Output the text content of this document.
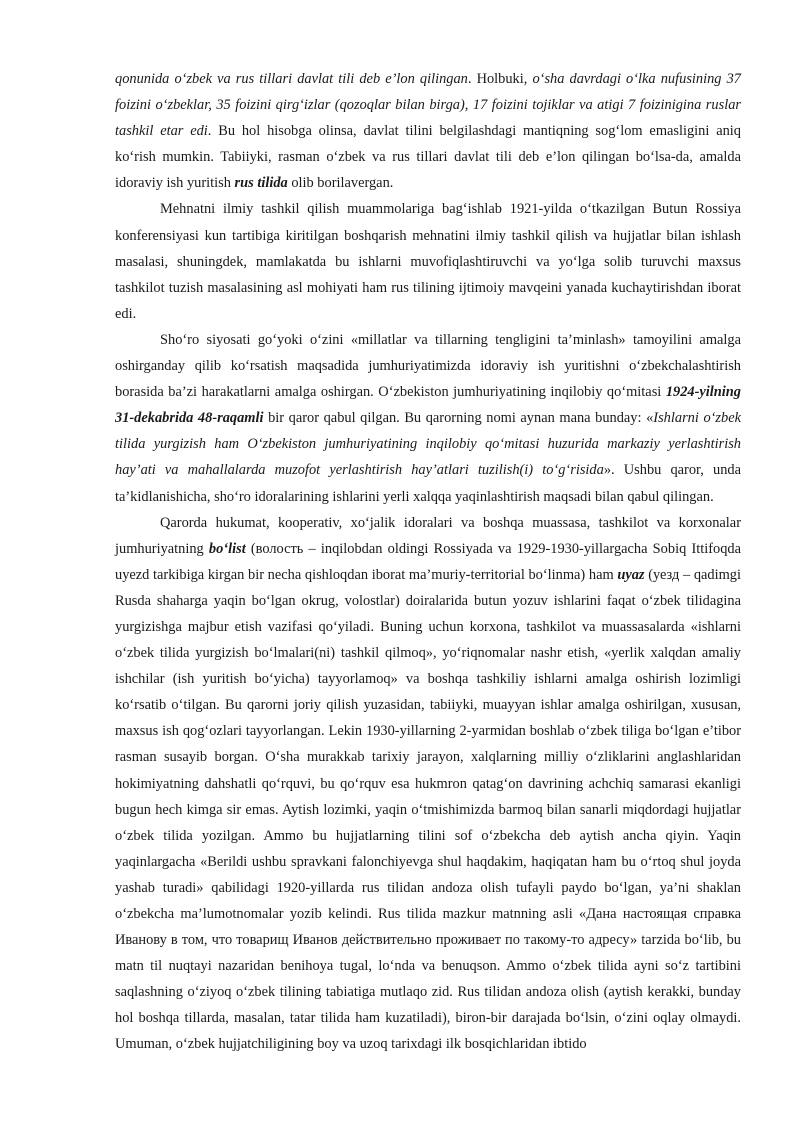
qonunida o‘zbek va rus tillari davlat tili deb e’lon qilingan. Holbuki, o‘sha davrdagi o‘lka nufusining 37 foizini o‘zbeklar, 35 foizini qirg‘izlar (qozoqlar bilan birga), 17 foizini tojiklar va atigi 7 foizinigina ruslar tashkil etar edi. Bu hol hisobga olinsa, davlat tilini belgilashdagi mantiqning sog‘lom emasligini aniq ko‘rish mumkin. Tabiiyki, rasman o‘zbek va rus tillari davlat tili deb e’lon qilingan bo‘lsa-da, amalda idoraviy ish yuritish rus tilida olib borilavergan.

Mehnatni ilmiy tashkil qilish muammolariga bag‘ishlab 1921-yilda o‘tkazilgan Butun Rossiya konferensiyasi kun tartibiga kiritilgan boshqarish mehnatini ilmiy tashkil qilish va hujjatlar bilan ishlash masalasi, shuningdek, mamlakatda bu ishlarni muvofiqlashtiruvchi va yo‘lga solib turuvchi maxsus tashkilot tuzish masalasining asl mohiyati ham rus tilining ijtimoiy mavqeini yanada kuchaytirishdan iborat edi.

Sho‘ro siyosati go‘yoki o‘zini «millatlar va tillarning tengligini ta’minlash» tamoyilini amalga oshirganday qilib ko‘rsatish maqsadida jumhuriyatimizda idoraviy ish yuritishni o‘zbekchalashtirish borasida ba’zi harakatlarni amalga oshirgan. O‘zbekiston jumhuriyatining inqilobiy qo‘mitasi 1924-yilning 31-dekabrida 48-raqamli bir qaror qabul qilgan. Bu qarorning nomi aynan mana bunday: «Ishlarni o‘zbek tilida yurgizish ham O‘zbekiston jumhuriyatining inqilobiy qo‘mitasi huzurida markaziy yerlashtirish hay’ati va mahallalarda muzofot yerlashtirish hay’atlari tuzilish(i) to‘g‘risida». Ushbu qaror, unda ta’kidlanishicha, sho‘ro idoralarining ishlarini yerli xalqqa yaqinlashtirish maqsadi bilan qabul qilingan.

Qarorda hukumat, kooperativ, xo‘jalik idoralari va boshqa muassasa, tashkilot va korxonalar jumhuriyatning bo‘list (волость – inqilobdan oldingi Rossiyada va 1929-1930-yillargacha Sobiq Ittifoqda uyezd tarkibiga kirgan bir necha qishloqdan iborat ma’muriy-territorial bo‘linma) ham uyaz (уезд – qadimgi Rusda shaharga yaqin bo‘lgan okrug, volostlar) doiralarida butun yozuv ishlarini faqat o‘zbek tilidagina yurgizishga majbur etish vazifasi qo‘yiladi. Buning uchun korxona, tashkilot va muassasalarda «ishlarni o‘zbek tilida yurgizish bo‘lmalari(ni) tashkil qilmoq», yo‘riqnomalar nashr etish, «yerlik xalqdan amaliy ishchilar (ish yuritish bo‘yicha) tayyorlamoq» va boshqa tashkiliy ishlarni amalga oshirish lozimligi ko‘rsatib o‘tilgan. Bu qarorni joriy qilish yuzasidan, tabiiyki, muayyan ishlar amalga oshirilgan, xususan, maxsus ish qog‘ozlari tayyorlangan. Lekin 1930-yillarning 2-yarmidan boshlab o‘zbek tiliga bo‘lgan e’tibor rasman susayib borgan. O‘sha murakkab tarixiy jarayon, xalqlarning milliy o‘zliklarini anglashlaridan hokimiyatning dahshatli qo‘rquvi, bu qo‘rquv esa hukmron qatag‘on davrining achchiq samarasi ekanligi bugun hech kimga sir emas. Aytish lozimki, yaqin o‘tmishimizda barmoq bilan sanarli miqdordagi hujjatlar o‘zbek tilida yozilgan. Ammo bu hujjatlarning tilini sof o‘zbekcha deb aytish ancha qiyin. Yaqin yaqinlargacha «Berildi ushbu spravkani falonchiyevga shul haqdakim, haqiqatan ham bu o‘rtoq shul joyda yashab turadi» qabilidagi 1920-yillarda rus tilidan andoza olish tufayli paydo bo‘lgan, ya’ni shaklan o‘zbekcha ma’lumotnomalar yozib kelindi. Rus tilida mazkur matnning asli «Дана настоящая справка Иванову в том, что товарищ Иванов действительно проживает по такому-то адресу» tarzida bo‘lib, bu matn til nuqtayi nazaridan benihoya tugal, lo‘nda va benuqson. Ammo o‘zbek tilida ayni so‘z tartibini saqlashning o‘ziyoq o‘zbek tilining tabiatiga mutlaqo zid. Rus tilidan andoza olish (aytish kerakki, bunday hol boshqa tillarda, masalan, tatar tilida ham kuzatiladi), biron-bir darajada bo‘lsin, o‘zini oqlay olmaydi. Umuman, o‘zbek hujjatchiligining boy va uzoq tarixdagi ilk bosqichlaridan ibtido
